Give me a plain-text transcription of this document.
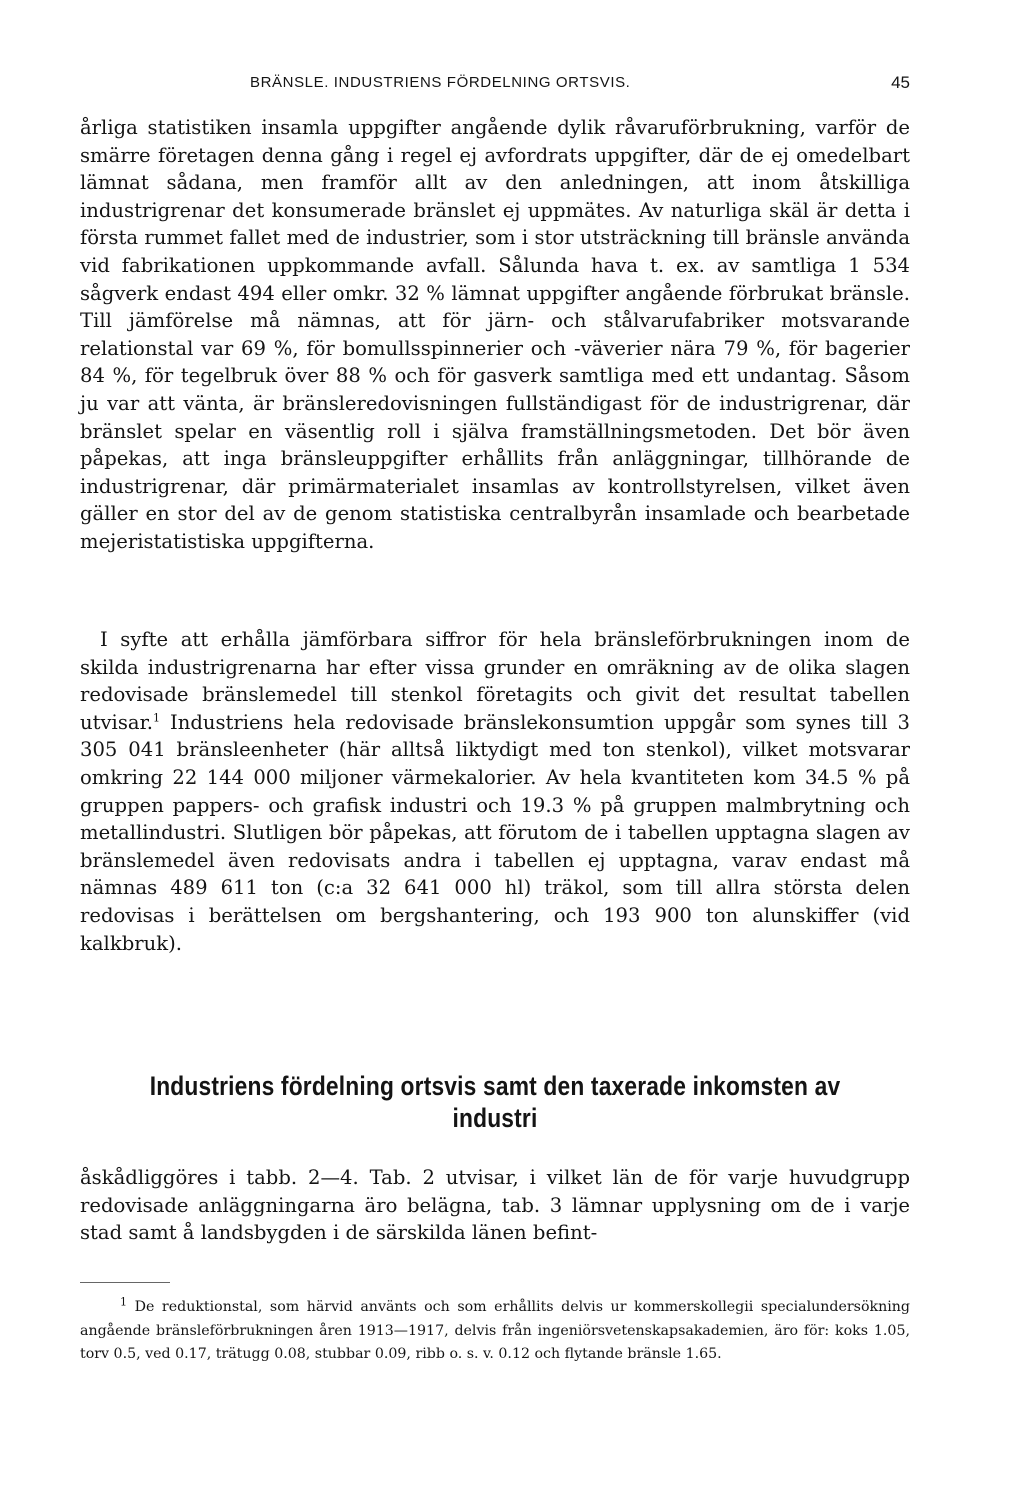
BRÄNSLE. INDUSTRIENS FÖRDELNING ORTSVIS.	45

årliga statistiken insamla uppgifter angående dylik råvaruförbrukning, varför de smärre företagen denna gång i regel ej avfordrats uppgifter, där de ej omedelbart lämnat sådana, men framför allt av den anledningen, att inom åtskilliga industrigrenar det konsumerade bränslet ej uppmätes. Av naturliga skäl är detta i första rummet fallet med de industrier, som i stor utsträckning till bränsle använda vid fabrikationen uppkommande avfall. Sålunda hava t. ex. av samtliga 1 534 sågverk endast 494 eller omkr. 32 % lämnat uppgifter angående förbrukat bränsle. Till jämförelse må nämnas, att för järn- och stålvarufabriker motsvarande relationstal var 69 %, för bomullsspinnerier och -väverier nära 79 %, för bagerier 84 %, för tegelbruk över 88 % och för gasverk samtliga med ett undantag. Såsom ju var att vänta, är bränsleredovisningen fullständigast för de industrigrenar, där bränslet spelar en väsentlig roll i själva framställningsmetoden. Det bör även påpekas, att inga bränsleuppgifter erhållits från anläggningar, tillhörande de industrigrenar, där primärmaterialet insamlas av kontrollstyrelsen, vilket även gäller en stor del av de genom statistiska centralbyrån insamlade och bearbetade mejeristatistiska uppgifterna.

I syfte att erhålla jämförbara siffror för hela bränsleförbrukningen inom de skilda industrigrenarna har efter vissa grunder en omräkning av de olika slagen redovisade bränslemedel till stenkol företagits och givit det resultat tabellen utvisar.$^1$ Industriens hela redovisade bränslekonsumtion uppgår som synes till 3 305 041 bränsleenheter (här alltså liktydigt med ton stenkol), vilket motsvarar omkring 22 144 000 miljoner värmekalorier. Av hela kvantiteten kom 34.5 % på gruppen pappers- och grafisk industri och 19.3 % på gruppen malmbrytning och metallindustri. Slutligen bör påpekas, att förutom de i tabellen upptagna slagen av bränslemedel även redovisats andra i tabellen ej upptagna, varav endast må nämnas 489 611 ton (c:a 32 641 000 hl) träkol, som till allra största delen redovisas i berättelsen om bergshantering, och 193 900 ton alunskiffer (vid kalkbruk).

Industriens fördelning ortsvis samt den taxerade inkomsten av industri

åskådliggöres i tabb. 2—4. Tab. 2 utvisar, i vilket län de för varje huvudgrupp redovisade anläggningarna äro belägna, tab. 3 lämnar upplysning om de i varje stad samt å landsbygden i de särskilda länen befint-

$^1$ De reduktionstal, som härvid använts och som erhållits delvis ur kommerskollegii specialundersökning angående bränsleförbrukningen åren 1913—1917, delvis från ingeniörsvetenskapsakademien, äro för: koks 1.05, torv 0.5, ved 0.17, trätugg 0.08, stubbar 0.09, ribb o. s. v. 0.12 och flytande bränsle 1.65.
